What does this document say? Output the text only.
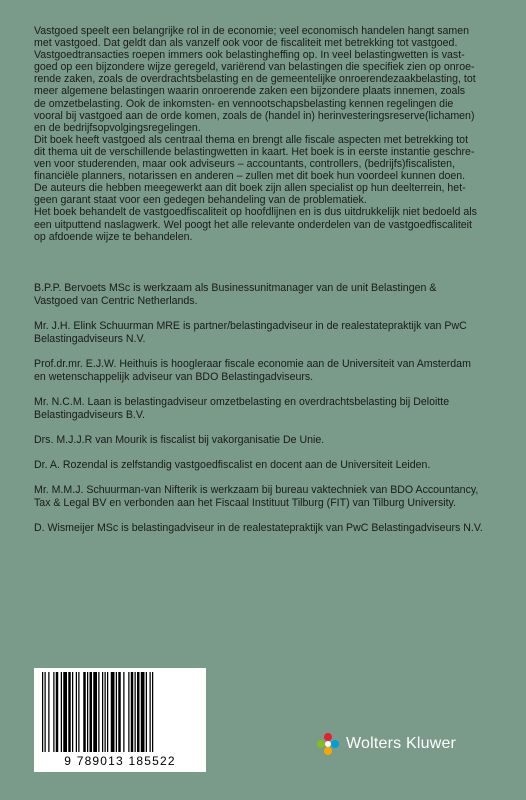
Vastgoed speelt een belangrijke rol in de economie; veel economisch handelen hangt samen

met vastgoed. Dat geldt dan als vanzelf ook voor de fiscaliteit met betrekking tot vastgoed.

Vastgoedtransacties roepen immers ook belastingheffing op. In veel belastingwetten is vast-

goed op een bijzondere wijze geregeld, variërend van belastingen die specifiek zien op onroe-

rende zaken, zoals de overdrachtsbelasting en de gemeentelijke onroerendezaakbelasting, tot

meer algemene belastingen waarin onroerende zaken een bijzondere plaats innemen, zoals

de omzetbelasting. Ook de inkomsten- en vennootschapsbelasting kennen regelingen die

vooral bij vastgoed aan de orde komen, zoals de (handel in) herinvesteringsreserve(lichamen)

en de bedrijfsopvolgingsregelingen.

Dit boek heeft vastgoed als centraal thema en brengt alle fiscale aspecten met betrekking tot

dit thema uit de verschillende belastingwetten in kaart. Het boek is in eerste instantie geschre-

ven voor studerenden, maar ook adviseurs – accountants, controllers, (bedrijfs)fiscalisten,

financiële planners, notarissen en anderen – zullen met dit boek hun voordeel kunnen doen.

De auteurs die hebben meegewerkt aan dit boek zijn allen specialist op hun deelterrein, het-

geen garant staat voor een gedegen behandeling van de problematiek.

Het boek behandelt de vastgoedfiscaliteit op hoofdlijnen en is dus uitdrukkelijk niet bedoeld als

een uitputtend naslagwerk. Wel poogt het alle relevante onderdelen van de vastgoedfiscaliteit

op afdoende wijze te behandelen.

B.P.P. Bervoets MSc is werkzaam als Businessunitmanager van de unit Belastingen &
Vastgoed van Centric Netherlands.

Mr. J.H. Elink Schuurman MRE is partner/belastingadviseur in de realestatepraktijk van PwC
Belastingadviseurs N.V.

Prof.dr.mr. E.J.W. Heithuis is hoogleraar fiscale economie aan de Universiteit van Amsterdam
en wetenschappelijk adviseur van BDO Belastingadviseurs.

Mr. N.C.M. Laan is belastingadviseur omzetbelasting en overdrachtsbelasting bij Deloitte
Belastingadviseurs B.V.

Drs. M.J.J.R van Mourik is fiscalist bij vakorganisatie De Unie.

Dr. A. Rozendal is zelfstandig vastgoedfiscalist en docent aan de Universiteit Leiden.

Mr. M.M.J. Schuurman-van Nifterik is werkzaam bij bureau vaktechniek van BDO Accountancy,
Tax & Legal BV en verbonden aan het Fiscaal Instituut Tilburg (FIT) van Tilburg University.

D. Wismeijer MSc is belastingadviseur in de realestatepraktijk van PwC Belastingadviseurs N.V.

9 789013 185522
Wolters Kluwer
